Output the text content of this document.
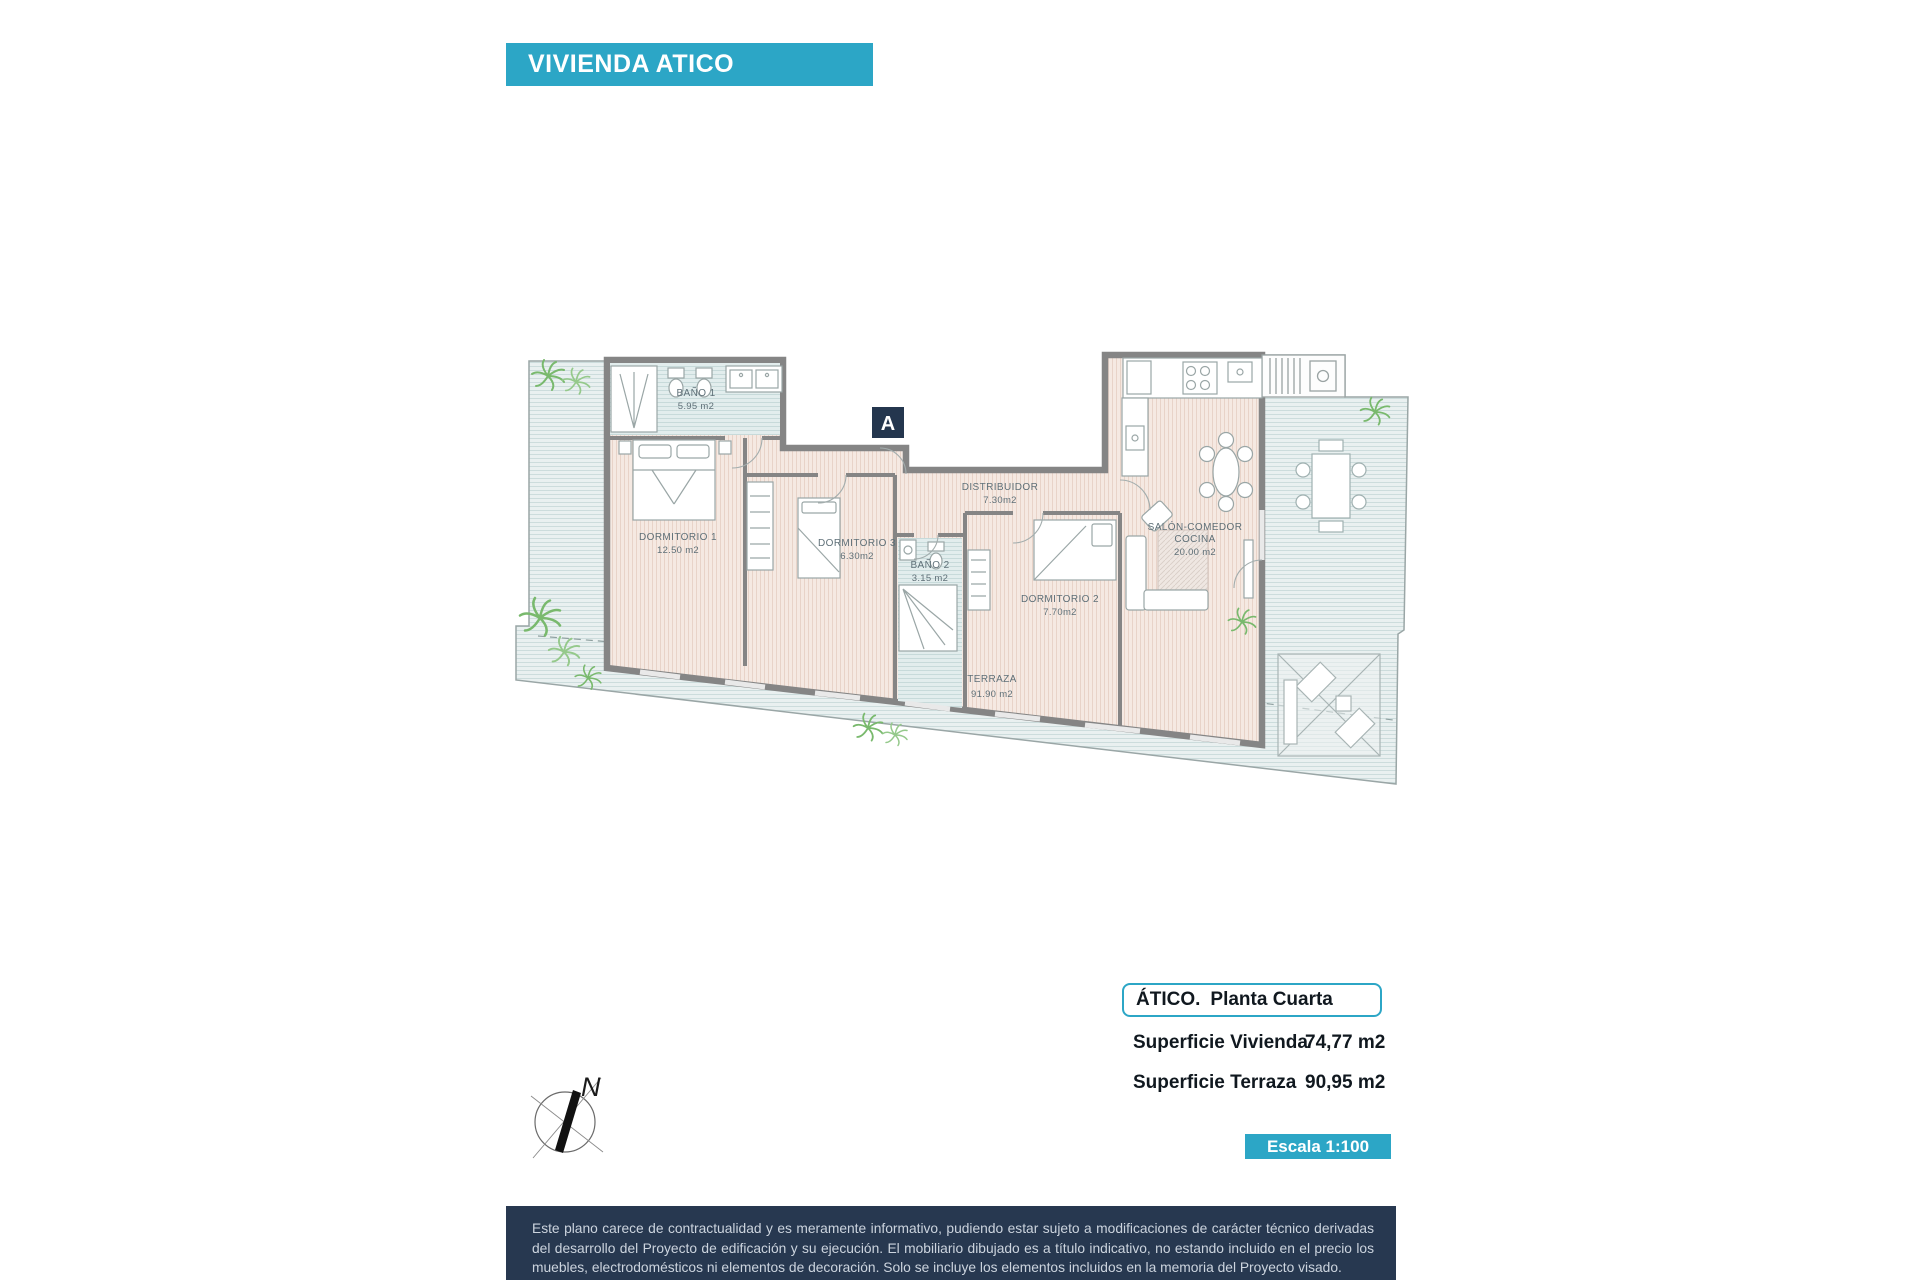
VIVIENDA ATICO
A
BAÑO 1
5.95 m2
DORMITORIO 1
12.50 m2
DORMITORIO 3
6.30m2
BAÑO 2
3.15 m2
DISTRIBUIDOR
7.30m2
DORMITORIO 2
7.70m2
SALÓN-COMEDOR
COCINA
20.00 m2
TERRAZA
91.90 m2
ÁTICO. Planta Cuarta
Superficie Vivienda
74,77 m2
Superficie Terraza 90,95 m2
Escala 1:100
N
Este plano carece de contractualidad y es meramente informativo, pudiendo estar sujeto a modificaciones de carácter técnico derivadas del desarrollo del Proyecto de edificación y su ejecución. El mobiliario dibujado es a título indicativo, no estando incluido en el precio los muebles, electrodomésticos ni elementos de decoración. Solo se incluye los elementos incluidos en la memoria del Proyecto visado.
